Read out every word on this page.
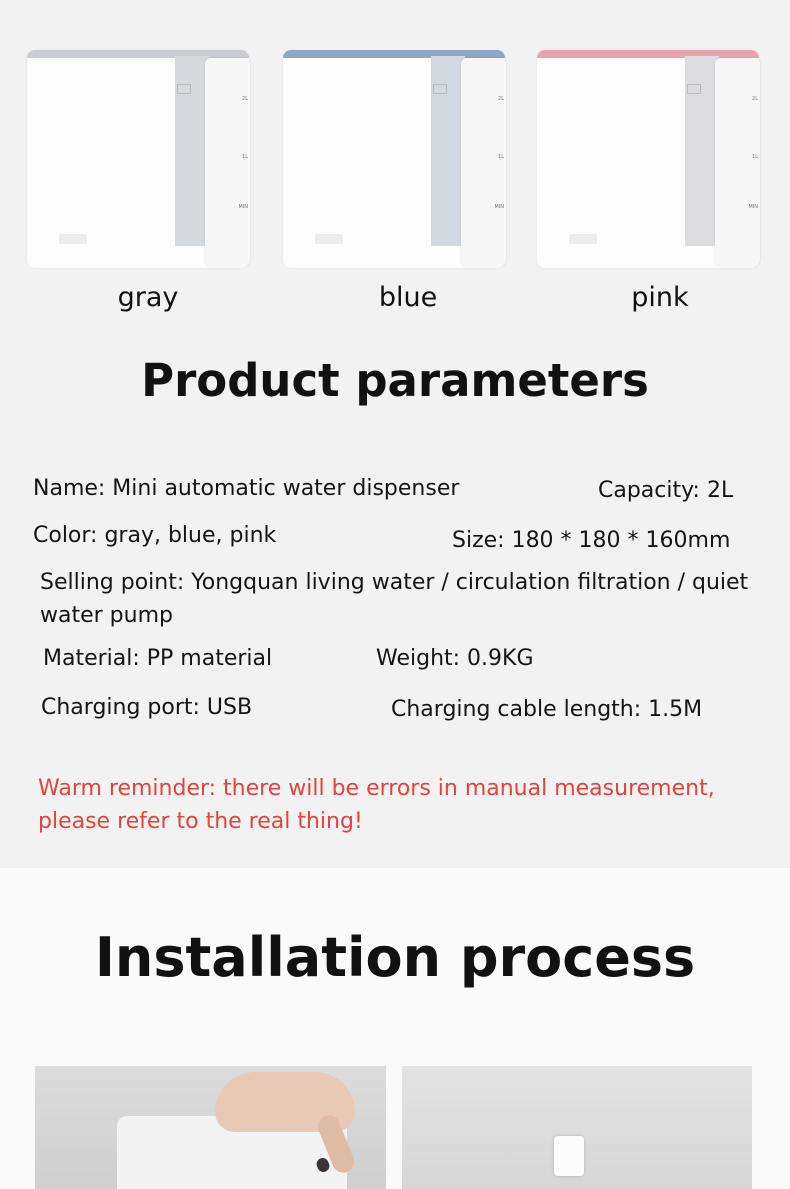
2L
1L
MIN
2L
1L
MIN
2L
1L
MIN
gray	blue	pink
Product parameters
Name: Mini automatic water dispenser	Capacity: 2L
Color: gray, blue, pink	Size: 180 * 180 * 160mm
Selling point: Yongquan living water / circulation filtration / quiet water pump
Material: PP material	Weight: 0.9KG
Charging port: USB	Charging cable length: 1.5M
Warm reminder: there will be errors in manual measurement, please refer to the real thing!
Installation process
